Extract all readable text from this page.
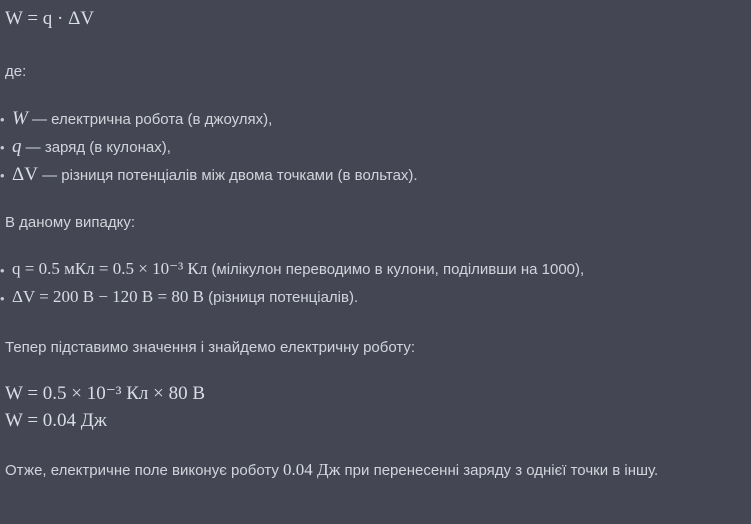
W = q · ΔV
де:
• W — електрична робота (в джоулях),
• q — заряд (в кулонах),
• ΔV — різниця потенціалів між двома точками (в вольтах).
В даному випадку:
• q = 0.5 мКл = 0.5 × 10⁻³ Кл (мілікулон переводимо в кулони, поділивши на 1000),
• ΔV = 200 В − 120 В = 80 В (різниця потенціалів).
Тепер підставимо значення і знайдемо електричну роботу:
W = 0.5 × 10⁻³ Кл × 80 В
W = 0.04 Дж
Отже, електричне поле виконує роботу 0.04 Дж при перенесенні заряду з однієї точки в іншу.
